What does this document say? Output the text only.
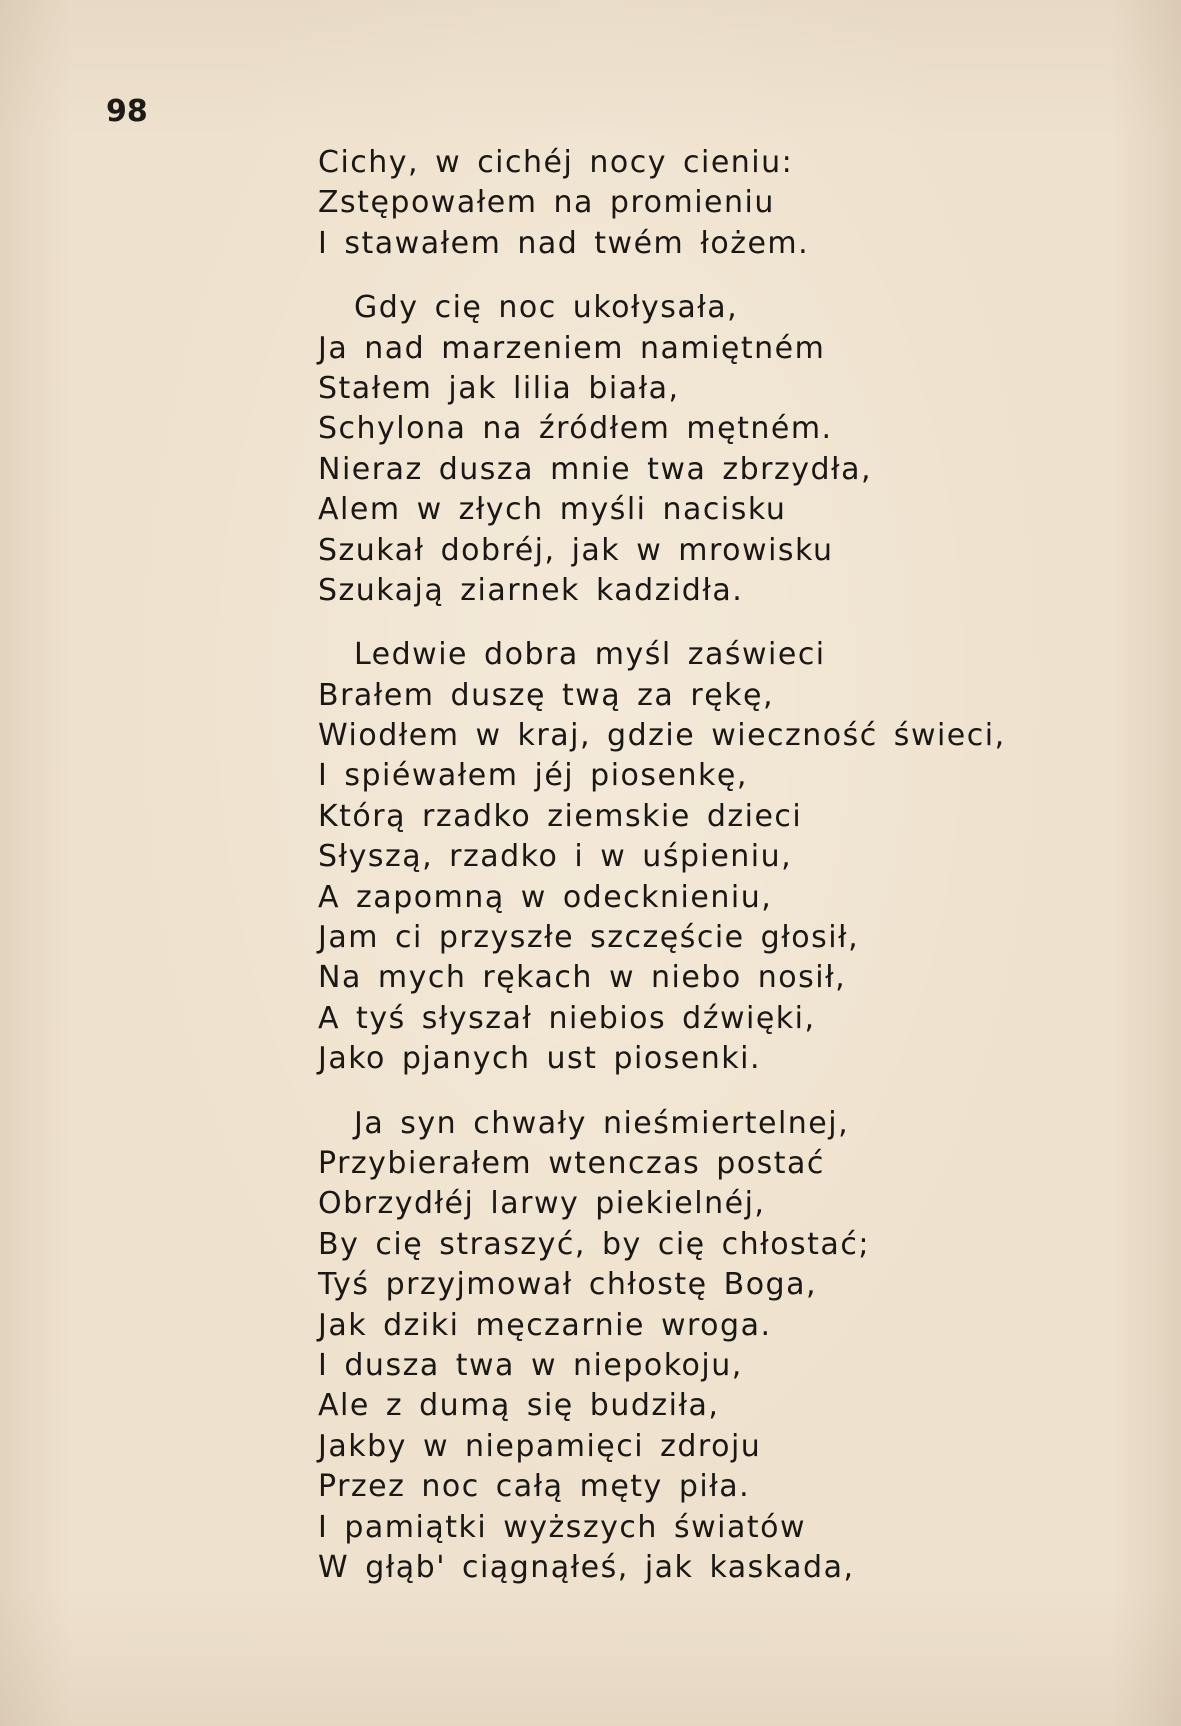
98
Cichy, w cichéj nocy cieniu:
Zstępowałem na promieniu
I stawałem nad twém łożem.
Gdy cię noc ukołysała,
Ja nad marzeniem namiętném
Stałem jak lilia biała,
Schylona na źródłem mętném.
Nieraz dusza mnie twa zbrzydła,
Alem w złych myśli nacisku
Szukał dobréj, jak w mrowisku
Szukają ziarnek kadzidła.
Ledwie dobra myśl zaświeci
Brałem duszę twą za rękę,
Wiodłem w kraj, gdzie wieczność świeci,
I spiéwałem jéj piosenkę,
Którą rzadko ziemskie dzieci
Słyszą, rzadko i w uśpieniu,
A zapomną w odecknieniu,
Jam ci przyszłe szczęście głosił,
Na mych rękach w niebo nosił,
A tyś słyszał niebios dźwięki,
Jako pjanych ust piosenki.
Ja syn chwały nieśmiertelnej,
Przybierałem wtenczas postać
Obrzydłéj larwy piekielnéj,
By cię straszyć, by cię chłostać;
Tyś przyjmował chłostę Boga,
Jak dziki męczarnie wroga.
I dusza twa w niepokoju,
Ale z dumą się budziła,
Jakby w niepamięci zdroju
Przez noc całą męty piła.
I pamiątki wyższych światów
W głąb' ciągnąłeś, jak kaskada,
